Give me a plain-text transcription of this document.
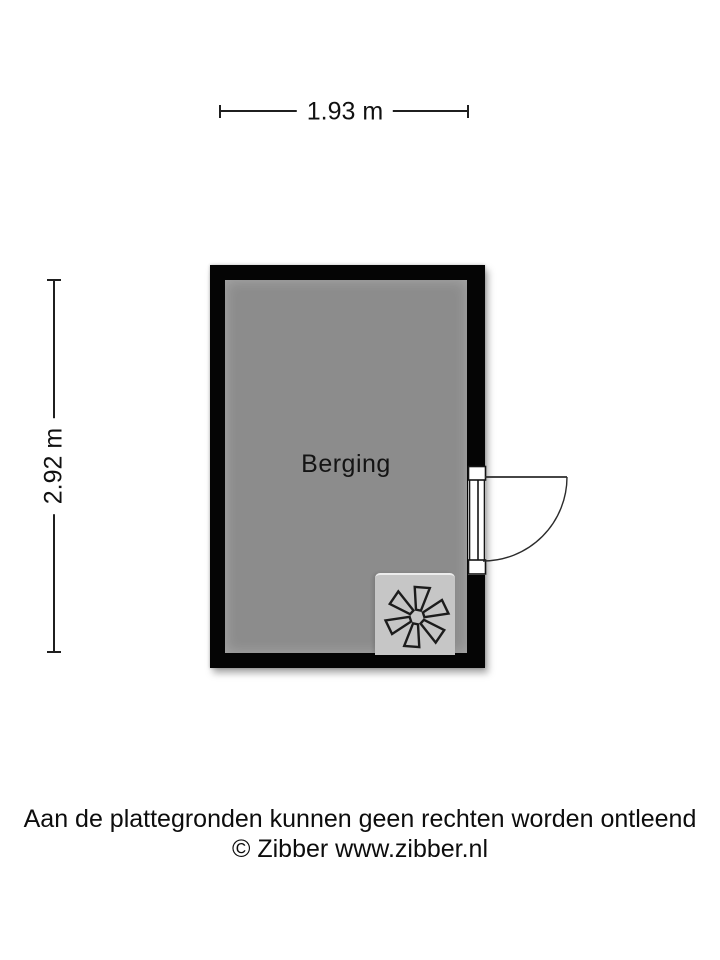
1.93 m
2.92 m	Berging
Aan de plattegronden kunnen geen rechten worden ontleend
© Zibber www.zibber.nl
